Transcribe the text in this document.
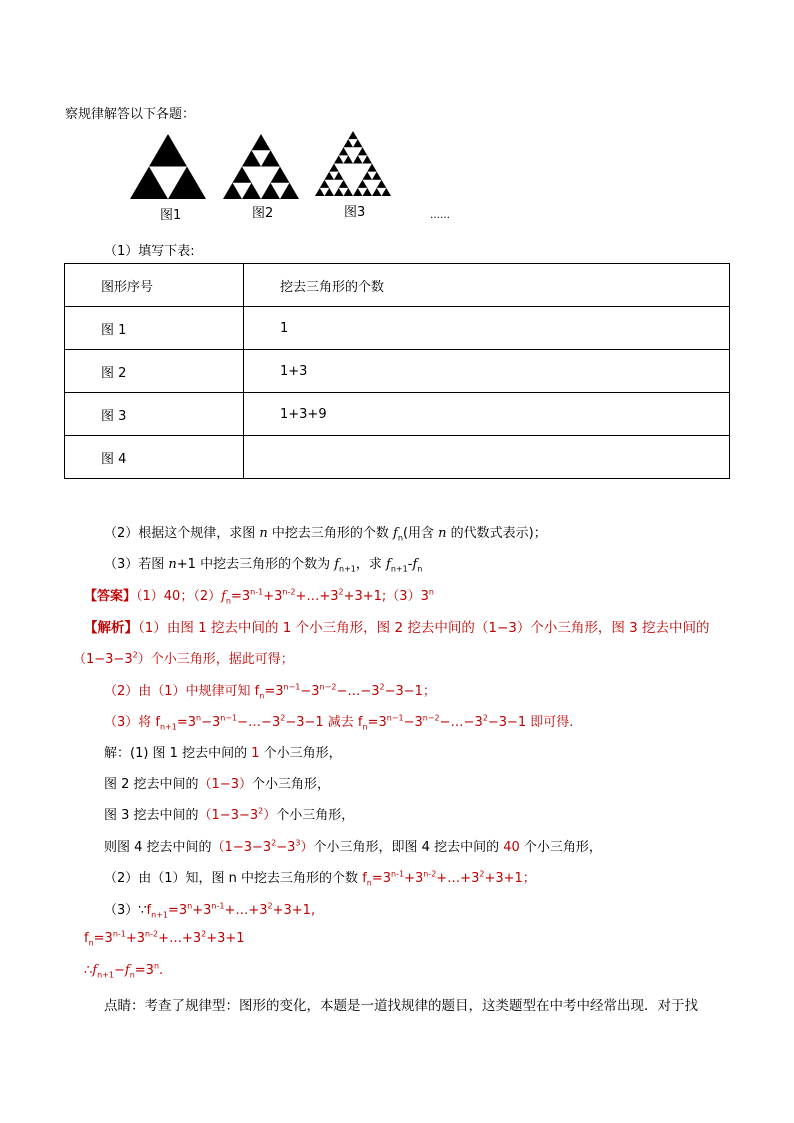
察规律解答以下各题：
图1	图2	图3	……
（1）填写下表:
图形序号	挖去三角形的个数
图 1	1
图 2	1+3
图 3	1+3+9
图 4	
（2）根据这个规律，求图 n 中挖去三角形的个数 $f_n$(用含 n 的代数式表示)；
（3）若图 n+1 中挖去三角形的个数为 $f_{n+1}$，求 $f_{n+1}-f_n$
【答案】（1）40；$(2)f_n=3^{n-1}+3^{n-2}+\dots+3^2+3+1;(3)3^n$
【解析】（1）由图 1 挖去中间的 1 个小三角形，图 2 挖去中间的（1−3）个小三角形，图 3 挖去中间的
$(1-3-3^2)$个小三角形，据此可得；
（2）由（1）中规律可知 $f_n=3^{n-1}-3^{n-2}-\dots-3^2-3-1$；
（3）将 $f_{n+1}=3^n-3^{n-1}-\dots-3^2-3-1$ 减去 $f_n=3^{n-1}-3^{n-2}-\dots-3^2-3-1$ 即可得.
解：(1) 图 1 挖去中间的 1 个小三角形，
图 2 挖去中间的（1−3）个小三角形，
图 3 挖去中间的$(1-3-3^2)$个小三角形，
则图 4 挖去中间的$(1-3-3^2-3^3)$个小三角形，即图 4 挖去中间的 40 个小三角形，
（2）由（1）知，图 n 中挖去三角形的个数 $f_n=3^{n-1}+3^{n-2}+\dots+3^2+3+1$；
$(3)\because f_{n+1}=3^n+3^{n-1}+\dots+3^2+3+1$,
$f_n=3^{n-1}+3^{n-2}+\dots+3^2+3+1$
$\therefore f_{n+1}-f_n=3^n$.
点睛：考查了规律型：图形的变化，本题是一道找规律的题目，这类题型在中考中经常出现．对于找
